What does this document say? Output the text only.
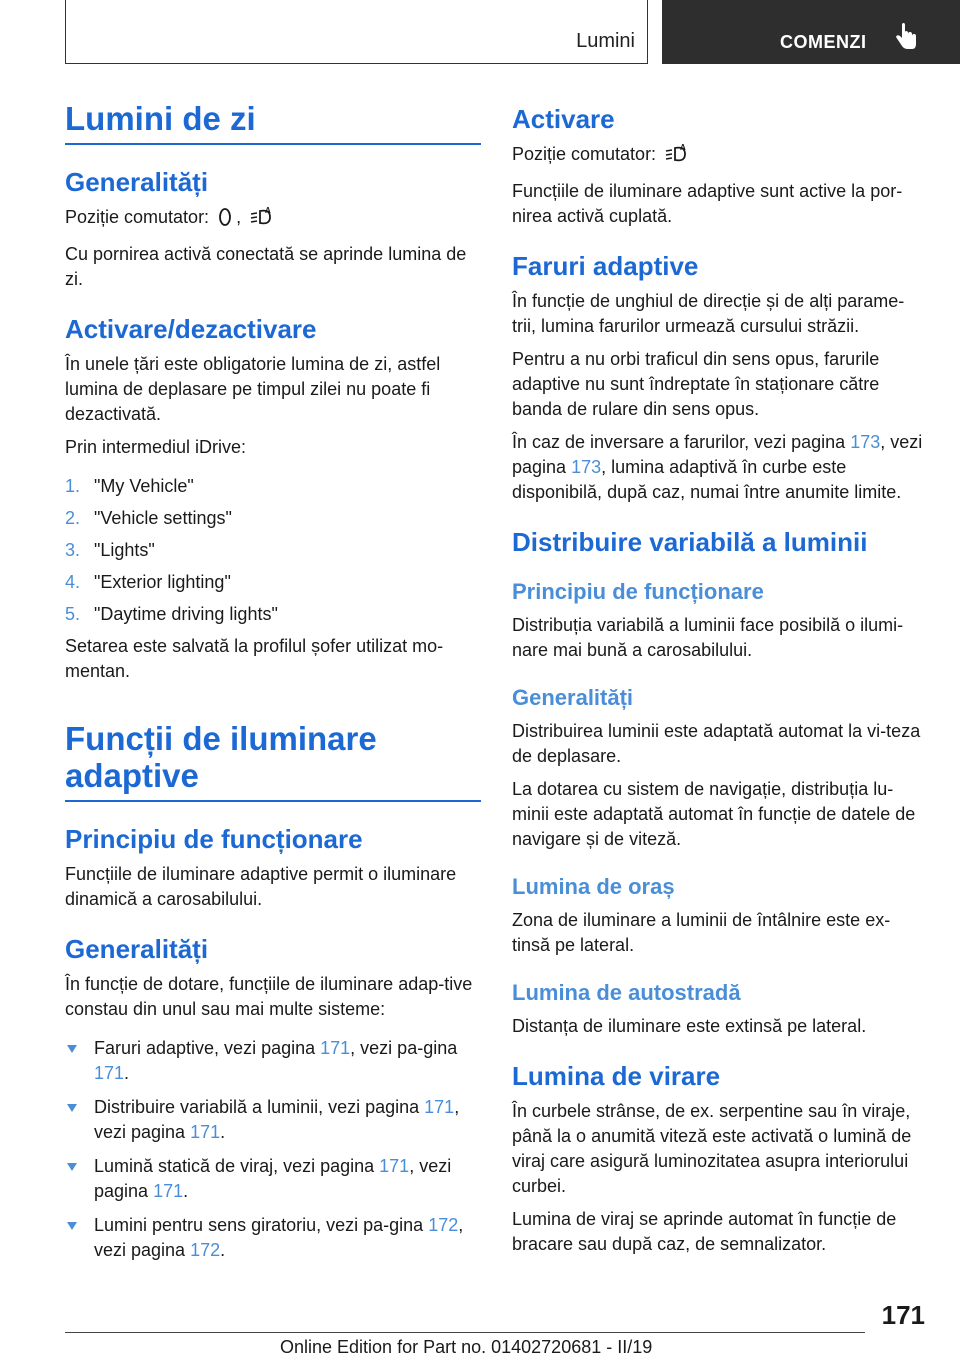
Lumini	COMENZI
Lumini de zi
Generalități

Poziție comutator: ,	A

Cu pornirea activă conectată se aprinde lumina de zi.

Activare/dezactivare

În unele țări este obligatorie lumina de zi, astfel lumina de deplasare pe timpul zilei nu poate fi dezactivată.

Prin intermediul iDrive:

1. "My Vehicle"
2. "Vehicle settings"
3. "Lights"
4. "Exterior lighting"
5. "Daytime driving lights"

Setarea este salvată la profilul șofer utilizat mo-mentan.

Funcții de iluminare adaptive
Principiu de funcționare

Funcțiile de iluminare adaptive permit o iluminare dinamică a carosabilului.

Generalități

În funcție de dotare, funcțiile de iluminare adap-tive constau din unul sau mai multe sisteme:

Faruri adaptive, vezi pagina 171, vezi pa-gina 171.
Distribuire variabilă a luminii, vezi pagina 171, vezi pagina 171.
Lumină statică de viraj, vezi pagina 171, vezi pagina 171.
Lumini pentru sens giratoriu, vezi pa-gina 172, vezi pagina 172.
Activare

Poziție comutator:	A

Funcțiile de iluminare adaptive sunt active la por-nirea activă cuplată.

Faruri adaptive

În funcție de unghiul de direcție și de alți parame-trii, lumina farurilor urmează cursului străzii.

Pentru a nu orbi traficul din sens opus, farurile adaptive nu sunt îndreptate în staționare către banda de rulare din sens opus.

În caz de inversare a farurilor, vezi pagina 173, vezi pagina 173, lumina adaptivă în curbe este disponibilă, după caz, numai între anumite limite.

Distribuire variabilă a luminii
Principiu de funcționare

Distribuția variabilă a luminii face posibilă o ilumi-nare mai bună a carosabilului.

Generalități

Distribuirea luminii este adaptată automat la vi-teza de deplasare.

La dotarea cu sistem de navigație, distribuția lu-minii este adaptată automat în funcție de datele de navigare și de viteză.

Lumina de oraș

Zona de iluminare a luminii de întâlnire este ex-tinsă pe lateral.

Lumina de autostradă

Distanța de iluminare este extinsă pe lateral.

Lumina de virare

În curbele strânse, de ex. serpentine sau în viraje, până la o anumită viteză este activată o lumină de viraj care asigură luminozitatea asupra interiorului curbei.

Lumina de viraj se aprinde automat în funcție de bracare sau după caz, de semnalizator.

171
Online Edition for Part no. 01402720681 - II/19
